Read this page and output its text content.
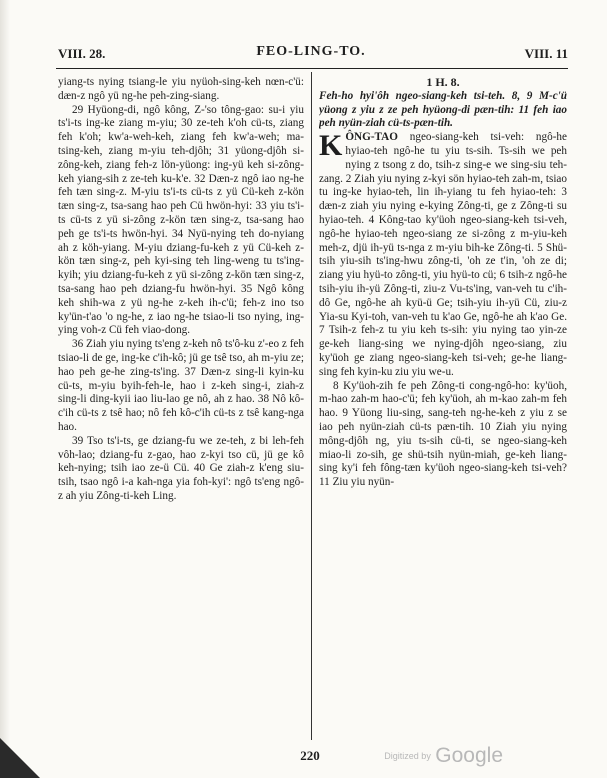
VIII. 28.	FEO-LING-TO.	VIII. 11

yiang-ts nying tsiang-le yiu nyüoh-sing-keh nœn-c'ü: dæn-z ngô yü ng-he peh-zing-siang.

29 Hyüong-di, ngô kông, Z-'so tông-gao: su-i yiu ts'i-ts ing-ke ziang m-yiu; 30 ze-teh k'oh cü-ts, ziang feh k'oh; kw'a-weh-keh, ziang feh kw'a-weh; ma-tsing-keh, ziang m-yiu teh-djôh; 31 yüong-djôh si-zông-keh, ziang feh-z lön-yüong: ing-yü keh si-zông-keh yiang-sih z ze-teh ku-k'e. 32 Dæn-z ngô iao ng-he feh tæn sing-z. M-yiu ts'i-ts cü-ts z yü Cü-keh z-kön tæn sing-z, tsa-sang hao peh Cü hwön-hyi: 33 yiu ts'i-ts cü-ts z yü si-zông z-kön tæn sing-z, tsa-sang hao peh ge ts'i-ts hwön-hyi. 34 Nyü-nying teh do-nyiang ah z köh-yiang. M-yiu dziang-fu-keh z yü Cü-keh z-kön tæn sing-z, peh kyi-sing teh ling-weng tu ts'ing-kyih; yiu dziang-fu-keh z yü si-zông z-kön tæn sing-z, tsa-sang hao peh dziang-fu hwön-hyi. 35 Ngô kông keh shih-wa z yü ng-he z-keh ih-c'ü; feh-z ino tso ky'ün-t'ao 'o ng-he, z iao ng-he tsiao-li tso nying, ing-ying voh-z Cü feh viao-dong.

36 Ziah yiu nying ts'eng z-keh nô ts'ô-ku z'-eo z feh tsiao-li de ge, ing-ke c'ih-kô; jü ge tsê tso, ah m-yiu ze; hao peh ge-he zing-ts'ing. 37 Dæn-z sing-li kyin-ku cü-ts, m-yiu byih-feh-le, hao i z-keh sing-i, ziah-z sing-li ding-kyii iao liu-lao ge nô, ah z hao. 38 Nô kô-c'ih cü-ts z tsê hao; nô feh kô-c'ih cü-ts z tsê kang-nga hao.

39 Tso ts'i-ts, ge dziang-fu we ze-teh, z bi leh-feh vôh-lao; dziang-fu z-gao, hao z-kyi tso cü, jü ge kô keh-nying; tsih iao ze-ü Cü. 40 Ge ziah-z k'eng siu-tsih, tsao ngô i-a kah-nga yia foh-kyi': ngô ts'eng ngô-z ah yiu Zông-ti-keh Ling.

1 H. 8.

Feh-ho hyi'ôh ngeo-siang-keh tsi-teh. 8, 9 M-c'ü yüong z yiu z ze peh hyüong-di pæn-tih: 11 feh iao peh nyün-ziah cü-ts-pæn-tih.

KÔNG-TAO ngeo-siang-keh tsi-veh: ngô-he hyiao-teh ngô-he tu yiu ts-sih. Ts-sih we peh nying z tsong z do, tsih-z sing-e we sing-siu teh-zang. 2 Ziah yiu nying z-kyi sön hyiao-teh zah-m, tsiao tu ing-ke hyiao-teh, lin ih-yiang tu feh hyiao-teh: 3 dæn-z ziah yiu nying e-kying Zông-ti, ge z Zông-ti su hyiao-teh. 4 Kông-tao ky'üoh ngeo-siang-keh tsi-veh, ngô-he hyiao-teh ngeo-siang ze si-zông z m-yiu-keh meh-z, djü ih-yü ts-nga z m-yiu bih-ke Zông-ti. 5 Shü-tsih yiu-sih ts'ing-hwu zông-ti, 'oh ze t'in, 'oh ze di; ziang yiu hyü-to zông-ti, yiu hyü-to cü; 6 tsih-z ngô-he tsih-yiu ih-yü Zông-ti, ziu-z Vu-ts'ing, van-veh tu c'ih-dô Ge, ngô-he ah kyü-ü Ge; tsih-yiu ih-yü Cü, ziu-z Yia-su Kyi-toh, van-veh tu k'ao Ge, ngô-he ah k'ao Ge. 7 Tsih-z feh-z tu yiu keh ts-sih: yiu nying tao yin-ze ge-keh liang-sing we nying-djôh ngeo-siang, ziu ky'üoh ge ziang ngeo-siang-keh tsi-veh; ge-he liang-sing feh kyin-ku ziu yiu we-u.

8 Ky'üoh-zih fe peh Zông-ti cong-ngô-ho: ky'üoh, m-hao zah-m hao-c'ü; feh ky'üoh, ah m-kao zah-m feh hao. 9 Yüong liu-sing, sang-teh ng-he-keh z yiu z se iao peh nyün-ziah cü-ts pæn-tih. 10 Ziah yiu nying mông-djôh ng, yiu ts-sih cü-ti, se ngeo-siang-keh miao-li zo-sih, ge shü-tsih nyün-miah, ge-keh liang-sing ky'i feh fông-tæn ky'üoh ngeo-siang-keh tsi-veh? 11 Ziu yiu nyün-

220	Digitized by Google
